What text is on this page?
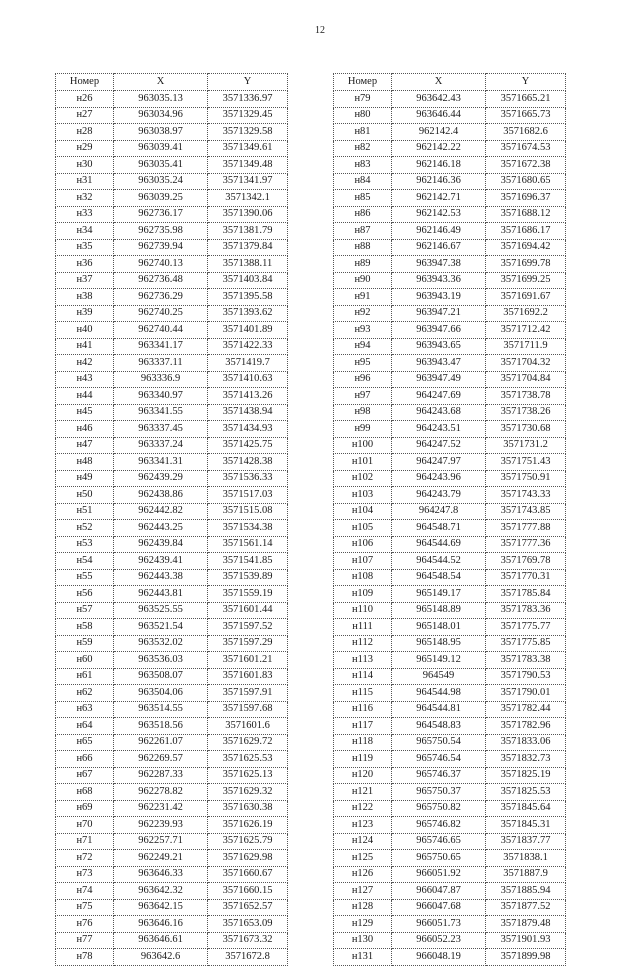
12
Номер	X	Y
н26	963035.13	3571336.97
н27	963034.96	3571329.45
н28	963038.97	3571329.58
н29	963039.41	3571349.61
н30	963035.41	3571349.48
н31	963035.24	3571341.97
н32	963039.25	3571342.1
н33	962736.17	3571390.06
н34	962735.98	3571381.79
н35	962739.94	3571379.84
н36	962740.13	3571388.11
н37	962736.48	3571403.84
н38	962736.29	3571395.58
н39	962740.25	3571393.62
н40	962740.44	3571401.89
н41	963341.17	3571422.33
н42	963337.11	3571419.7
н43	963336.9	3571410.63
н44	963340.97	3571413.26
н45	963341.55	3571438.94
н46	963337.45	3571434.93
н47	963337.24	3571425.75
н48	963341.31	3571428.38
н49	962439.29	3571536.33
н50	962438.86	3571517.03
н51	962442.82	3571515.08
н52	962443.25	3571534.38
н53	962439.84	3571561.14
н54	962439.41	3571541.85
н55	962443.38	3571539.89
н56	962443.81	3571559.19
н57	963525.55	3571601.44
н58	963521.54	3571597.52
н59	963532.02	3571597.29
н60	963536.03	3571601.21
н61	963508.07	3571601.83
н62	963504.06	3571597.91
н63	963514.55	3571597.68
н64	963518.56	3571601.6
н65	962261.07	3571629.72
н66	962269.57	3571625.53
н67	962287.33	3571625.13
н68	962278.82	3571629.32
н69	962231.42	3571630.38
н70	962239.93	3571626.19
н71	962257.71	3571625.79
н72	962249.21	3571629.98
н73	963646.33	3571660.67
н74	963642.32	3571660.15
н75	963642.15	3571652.57
н76	963646.16	3571653.09
н77	963646.61	3571673.32
н78	963642.6	3571672.8
Номер	X	Y
н79	963642.43	3571665.21
н80	963646.44	3571665.73
н81	962142.4	3571682.6
н82	962142.22	3571674.53
н83	962146.18	3571672.38
н84	962146.36	3571680.65
н85	962142.71	3571696.37
н86	962142.53	3571688.12
н87	962146.49	3571686.17
н88	962146.67	3571694.42
н89	963947.38	3571699.78
н90	963943.36	3571699.25
н91	963943.19	3571691.67
н92	963947.21	3571692.2
н93	963947.66	3571712.42
н94	963943.65	3571711.9
н95	963943.47	3571704.32
н96	963947.49	3571704.84
н97	964247.69	3571738.78
н98	964243.68	3571738.26
н99	964243.51	3571730.68
н100	964247.52	3571731.2
н101	964247.97	3571751.43
н102	964243.96	3571750.91
н103	964243.79	3571743.33
н104	964247.8	3571743.85
н105	964548.71	3571777.88
н106	964544.69	3571777.36
н107	964544.52	3571769.78
н108	964548.54	3571770.31
н109	965149.17	3571785.84
н110	965148.89	3571783.36
н111	965148.01	3571775.77
н112	965148.95	3571775.85
н113	965149.12	3571783.38
н114	964549	3571790.53
н115	964544.98	3571790.01
н116	964544.81	3571782.44
н117	964548.83	3571782.96
н118	965750.54	3571833.06
н119	965746.54	3571832.73
н120	965746.37	3571825.19
н121	965750.37	3571825.53
н122	965750.82	3571845.64
н123	965746.82	3571845.31
н124	965746.65	3571837.77
н125	965750.65	3571838.1
н126	966051.92	3571887.9
н127	966047.87	3571885.94
н128	966047.68	3571877.52
н129	966051.73	3571879.48
н130	966052.23	3571901.93
н131	966048.19	3571899.98
